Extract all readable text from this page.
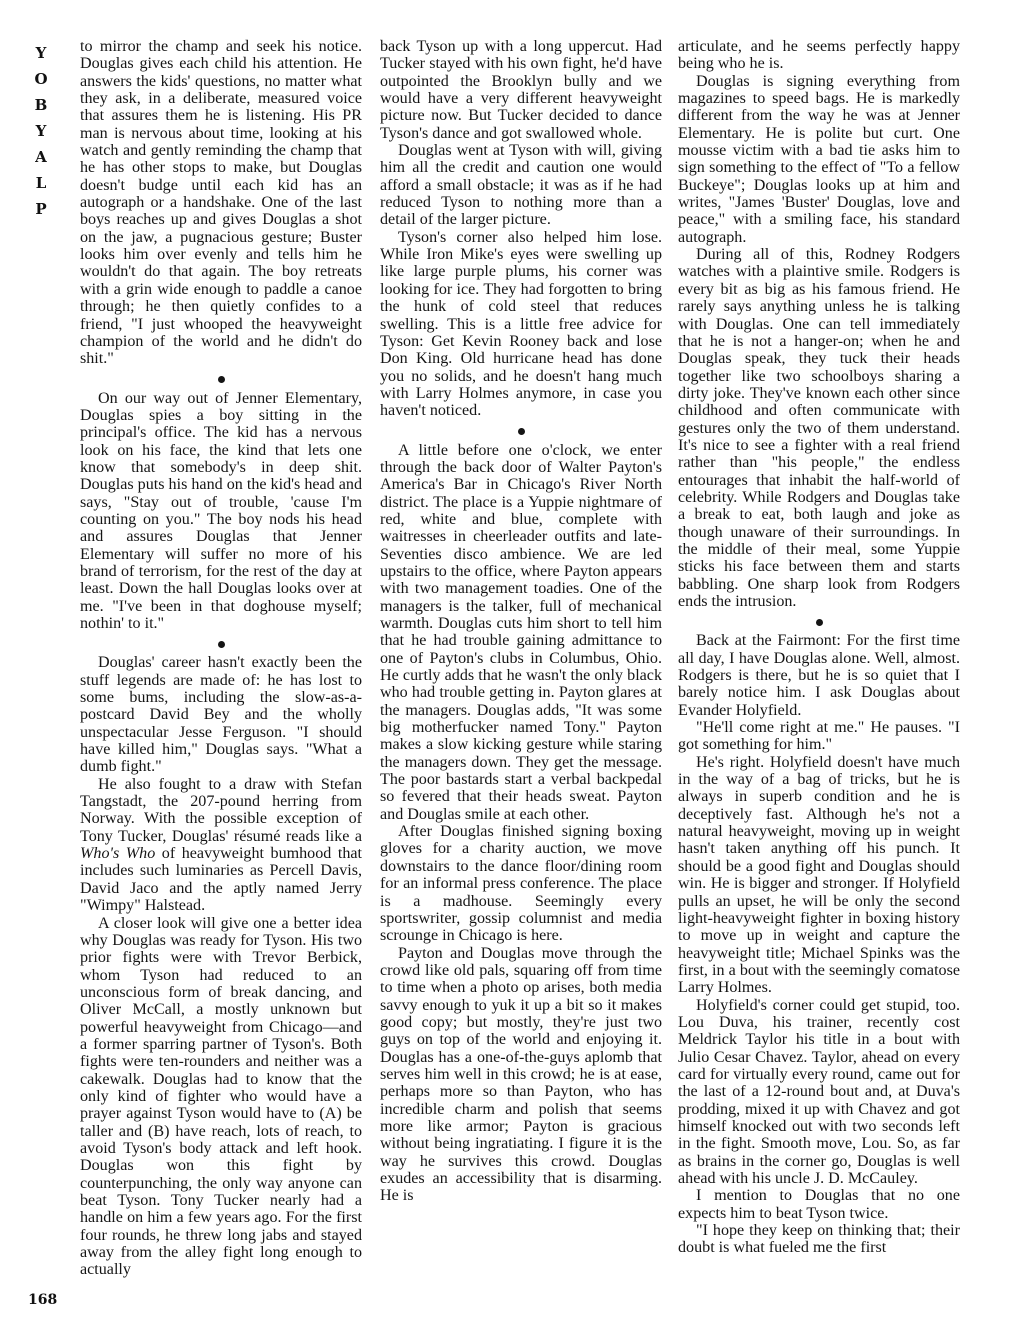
Y
O
B
Y
A
L
P
168

to mirror the champ and seek his notice. Douglas gives each child his attention. He answers the kids' questions, no matter what they ask, in a deliberate, measured voice that assures them he is listening. His PR man is nervous about time, looking at his watch and gently reminding the champ that he has other stops to make, but Douglas doesn't budge until each kid has an autograph or a handshake. One of the last boys reaches up and gives Douglas a shot on the jaw, a pugnacious gesture; Buster looks him over evenly and tells him he wouldn't do that again. The boy retreats with a grin wide enough to paddle a canoe through; he then quietly confides to a friend, "I just whooped the heavyweight champion of the world and he didn't do shit."

On our way out of Jenner Elementary, Douglas spies a boy sitting in the principal's office. The kid has a nervous look on his face, the kind that lets one know that somebody's in deep shit. Douglas puts his hand on the kid's head and says, "Stay out of trouble, 'cause I'm counting on you." The boy nods his head and assures Douglas that Jenner Elementary will suffer no more of his brand of terrorism, for the rest of the day at least. Down the hall Douglas looks over at me. "I've been in that doghouse myself; nothin' to it."

Douglas' career hasn't exactly been the stuff legends are made of: he has lost to some bums, including the slow-as-a-postcard David Bey and the wholly unspectacular Jesse Ferguson. "I should have killed him," Douglas says. "What a dumb fight."

He also fought to a draw with Stefan Tangstadt, the 207-pound herring from Norway. With the possible exception of Tony Tucker, Douglas' résumé reads like a Who's Who of heavyweight bumhood that includes such luminaries as Percell Davis, David Jaco and the aptly named Jerry "Wimpy" Halstead.

A closer look will give one a better idea why Douglas was ready for Tyson. His two prior fights were with Trevor Berbick, whom Tyson had reduced to an unconscious form of break dancing, and Oliver McCall, a mostly unknown but powerful heavyweight from Chicago—and a former sparring partner of Tyson's. Both fights were ten-rounders and neither was a cakewalk. Douglas had to know that the only kind of fighter who would have a prayer against Tyson would have to (A) be taller and (B) have reach, lots of reach, to avoid Tyson's body attack and left hook. Douglas won this fight by counterpunching, the only way anyone can beat Tyson. Tony Tucker nearly had a handle on him a few years ago. For the first four rounds, he threw long jabs and stayed away from the alley fight long enough to actually

back Tyson up with a long uppercut. Had Tucker stayed with his own fight, he'd have outpointed the Brooklyn bully and we would have a very different heavyweight picture now. But Tucker decided to dance Tyson's dance and got swallowed whole.

Douglas went at Tyson with will, giving him all the credit and caution one would afford a small obstacle; it was as if he had reduced Tyson to nothing more than a detail of the larger picture.

Tyson's corner also helped him lose. While Iron Mike's eyes were swelling up like large purple plums, his corner was looking for ice. They had forgotten to bring the hunk of cold steel that reduces swelling. This is a little free advice for Tyson: Get Kevin Rooney back and lose Don King. Old hurricane head has done you no solids, and he doesn't hang much with Larry Holmes anymore, in case you haven't noticed.

A little before one o'clock, we enter through the back door of Walter Payton's America's Bar in Chicago's River North district. The place is a Yuppie nightmare of red, white and blue, complete with waitresses in cheerleader outfits and late-Seventies disco ambience. We are led upstairs to the office, where Payton appears with two management toadies. One of the managers is the talker, full of mechanical warmth. Douglas cuts him short to tell him that he had trouble gaining admittance to one of Payton's clubs in Columbus, Ohio. He curtly adds that he wasn't the only black who had trouble getting in. Payton glares at the managers. Douglas adds, "It was some big motherfucker named Tony." Payton makes a slow kicking gesture while staring the managers down. They get the message. The poor bastards start a verbal backpedal so fevered that their heads sweat. Payton and Douglas smile at each other.

After Douglas finished signing boxing gloves for a charity auction, we move downstairs to the dance floor/dining room for an informal press conference. The place is a madhouse. Seemingly every sportswriter, gossip columnist and media scrounge in Chicago is here.

Payton and Douglas move through the crowd like old pals, squaring off from time to time when a photo op arises, both media savvy enough to yuk it up a bit so it makes good copy; but mostly, they're just two guys on top of the world and enjoying it. Douglas has a one-of-the-guys aplomb that serves him well in this crowd; he is at ease, perhaps more so than Payton, who has incredible charm and polish that seems more like armor; Payton is gracious without being ingratiating. I figure it is the way he survives this crowd. Douglas exudes an accessibility that is disarming. He is

articulate, and he seems perfectly happy being who he is.

Douglas is signing everything from magazines to speed bags. He is markedly different from the way he was at Jenner Elementary. He is polite but curt. One mousse victim with a bad tie asks him to sign something to the effect of "To a fellow Buckeye"; Douglas looks up at him and writes, "James 'Buster' Douglas, love and peace," with a smiling face, his standard autograph.

During all of this, Rodney Rodgers watches with a plaintive smile. Rodgers is every bit as big as his famous friend. He rarely says anything unless he is talking with Douglas. One can tell immediately that he is not a hanger-on; when he and Douglas speak, they tuck their heads together like two schoolboys sharing a dirty joke. They've known each other since childhood and often communicate with gestures only the two of them understand. It's nice to see a fighter with a real friend rather than "his people," the endless entourages that inhabit the half-world of celebrity. While Rodgers and Douglas take a break to eat, both laugh and joke as though unaware of their surroundings. In the middle of their meal, some Yuppie sticks his face between them and starts babbling. One sharp look from Rodgers ends the intrusion.

Back at the Fairmont: For the first time all day, I have Douglas alone. Well, almost. Rodgers is there, but he is so quiet that I barely notice him. I ask Douglas about Evander Holyfield.

"He'll come right at me." He pauses. "I got something for him."

He's right. Holyfield doesn't have much in the way of a bag of tricks, but he is always in superb condition and he is deceptively fast. Although he's not a natural heavyweight, moving up in weight hasn't taken anything off his punch. It should be a good fight and Douglas should win. He is bigger and stronger. If Holyfield pulls an upset, he will be only the second light-heavyweight fighter in boxing history to move up in weight and capture the heavyweight title; Michael Spinks was the first, in a bout with the seemingly comatose Larry Holmes.

Holyfield's corner could get stupid, too. Lou Duva, his trainer, recently cost Meldrick Taylor his title in a bout with Julio Cesar Chavez. Taylor, ahead on every card for virtually every round, came out for the last of a 12-round bout and, at Duva's prodding, mixed it up with Chavez and got himself knocked out with two seconds left in the fight. Smooth move, Lou. So, as far as brains in the corner go, Douglas is well ahead with his uncle J. D. McCauley.

I mention to Douglas that no one expects him to beat Tyson twice.

"I hope they keep on thinking that; their doubt is what fueled me the first
